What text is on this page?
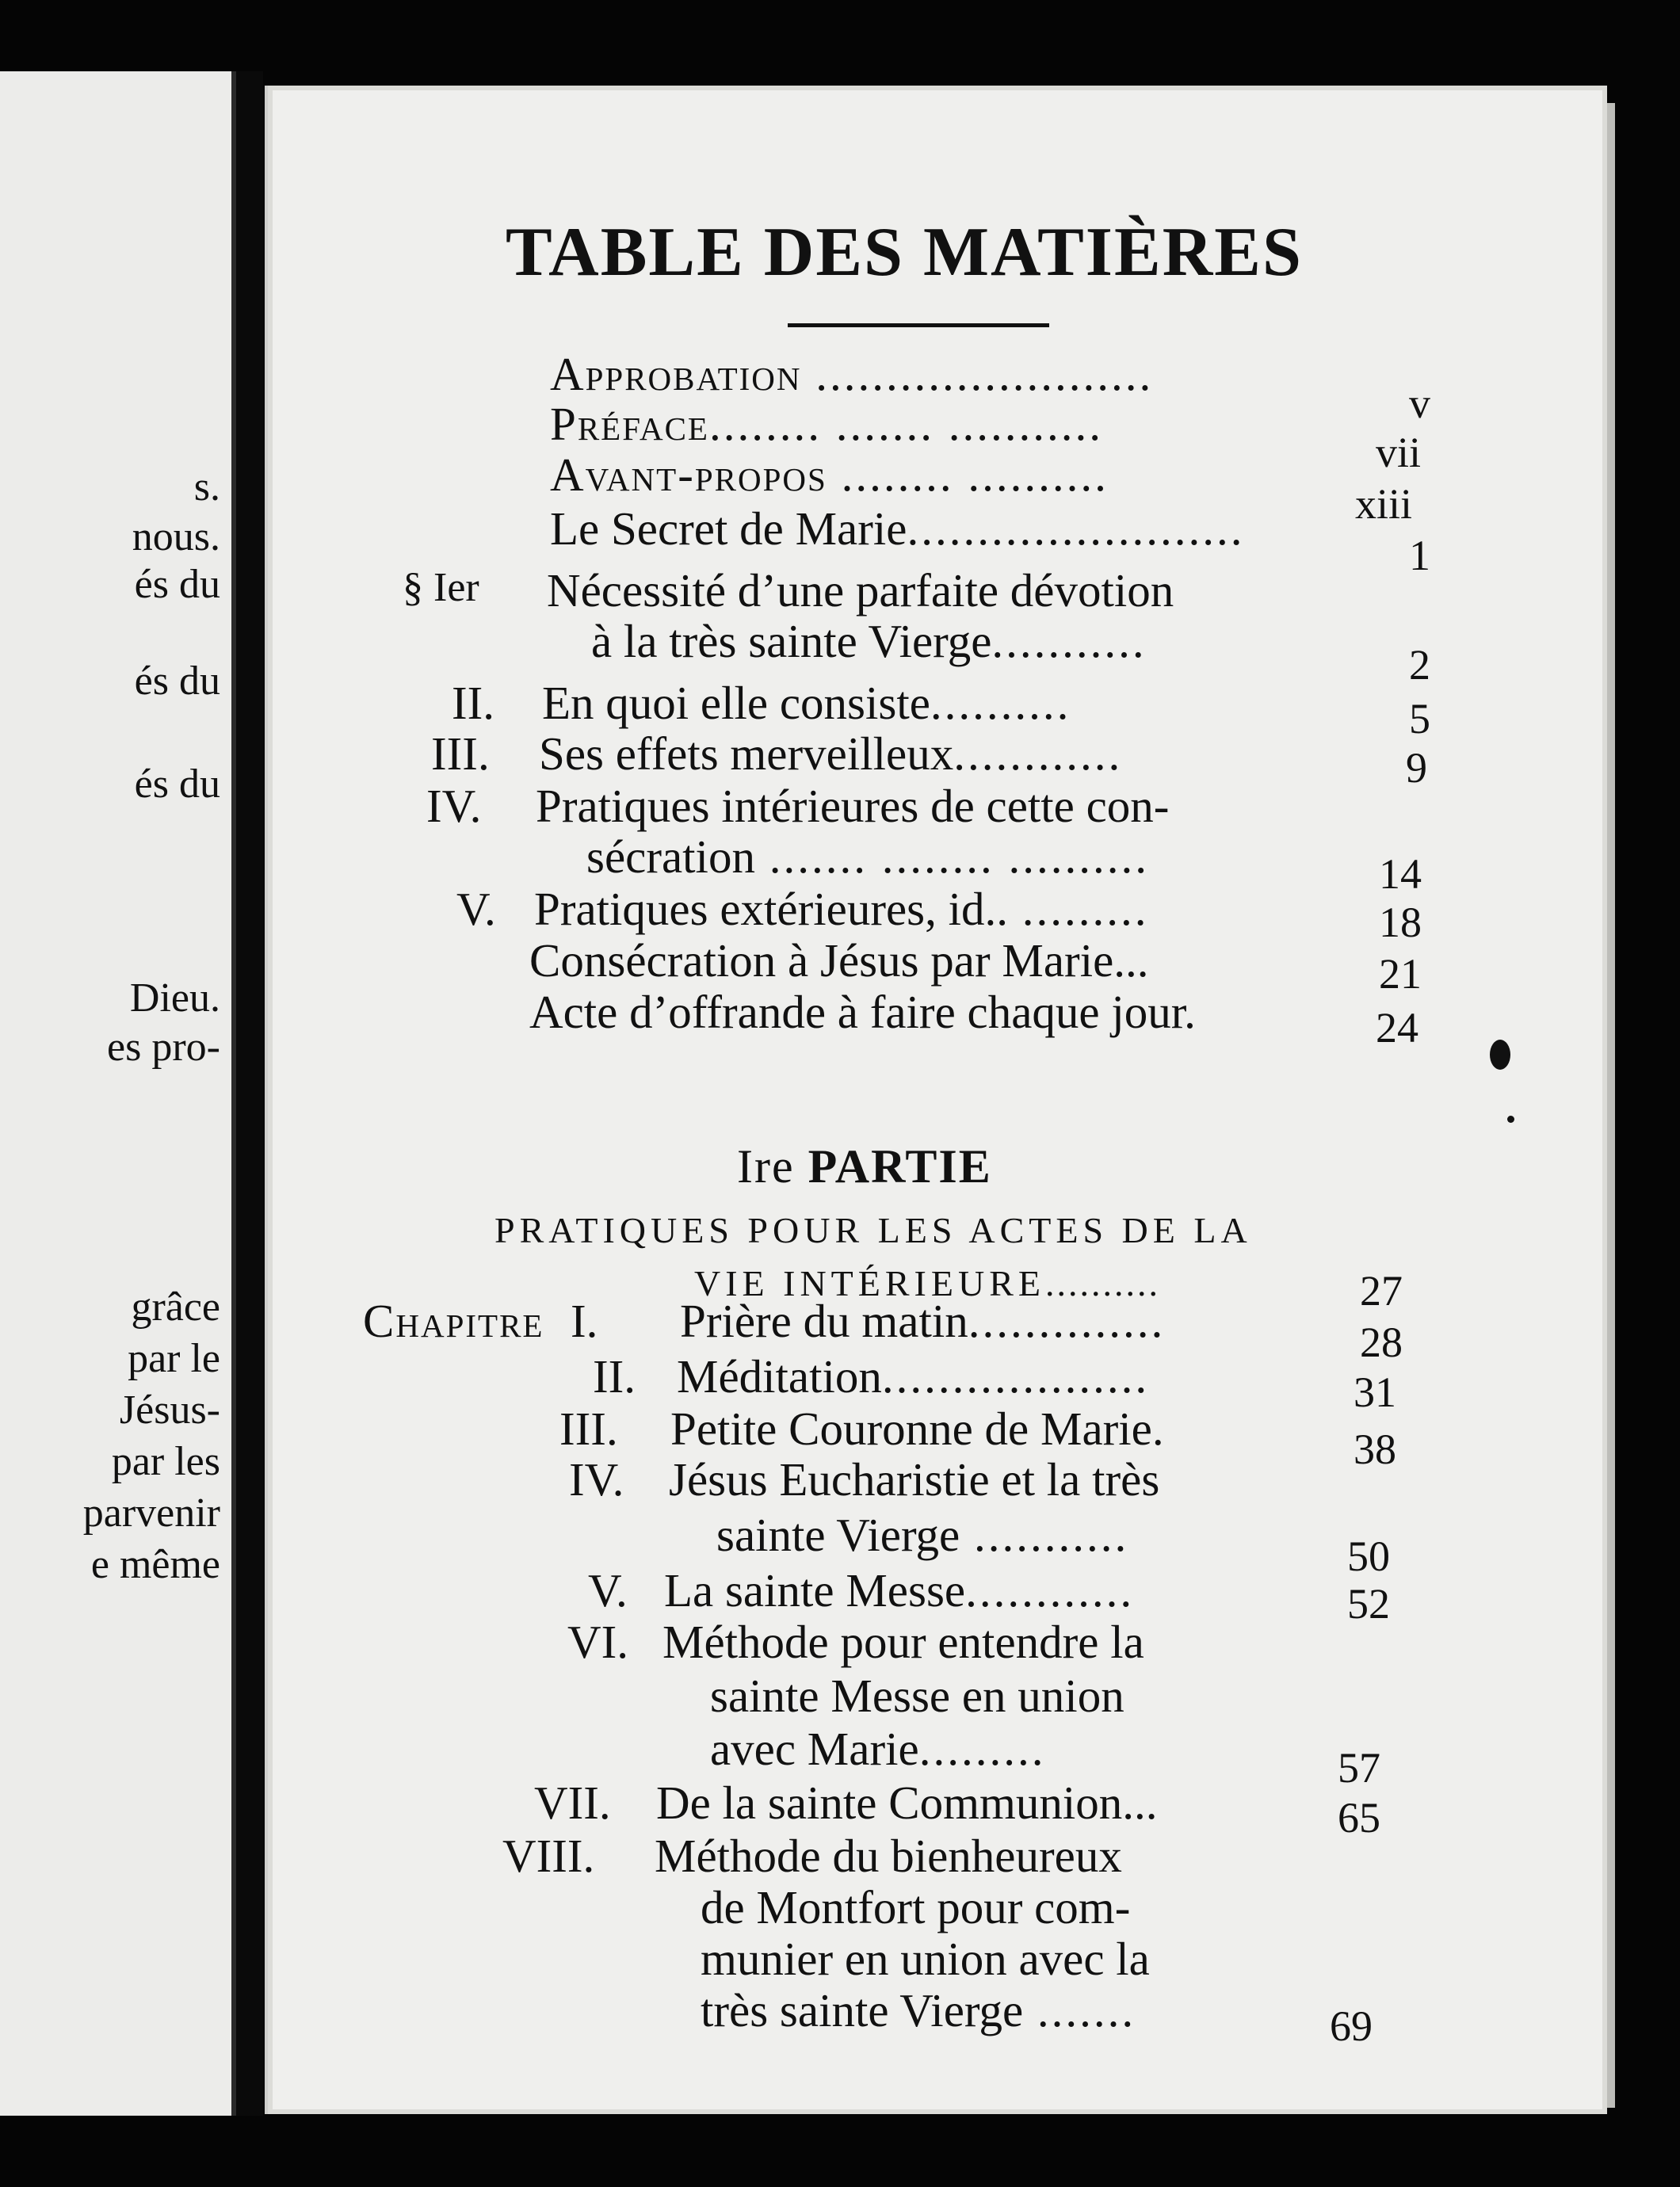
s.
nous.
és du
és du
és du
Dieu.
es pro-
grâce
par le
Jésus-
par les
parvenir
e même
TABLE DES MATIÈRES
Approbation ........................
v
Préface........ ....... ...........
vii
Avant-propos ........ ..........
xiii
Le Secret de Marie........................
1
§ Ier Nécessité d’une parfaite dévotion
à la très sainte Vierge...........	2
II. En quoi elle consiste..........	5
III. Ses effets merveilleux............	9
IV. Pratiques intérieures de cette con-
sécration ....... ........ ..........	14
V. Pratiques extérieures, id.. .........	18
Consécration à Jésus par Marie...	21
Acte d’offrande à faire chaque jour.	24
Ire PARTIE
PRATIQUES POUR LES ACTES DE LA
VIE INTÉRIEURE..........	27
Chapitre I. Prière du matin..............	28
II. Méditation...................	31
III. Petite Couronne de Marie.	38
IV. Jésus Eucharistie et la très
sainte Vierge ...........	50
V. La sainte Messe............	52
VI. Méthode pour entendre la
sainte Messe en union
avec Marie.........	57
VII. De la sainte Communion...	65
VIII. Méthode du bienheureux
de Montfort pour com-
munier en union avec la
très sainte Vierge .......	69
